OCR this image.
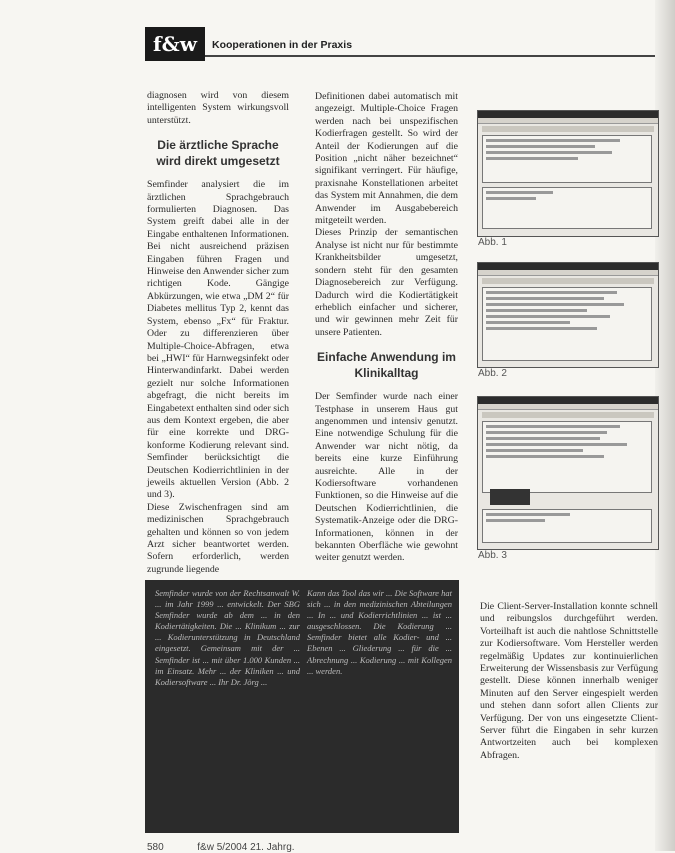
f&w	Kooperationen in der Praxis

diagnosen wird von diesem intelligenten System wirkungsvoll unterstützt.

Die ärztliche Sprache wird direkt umgesetzt

Semfinder analysiert die im ärztlichen Sprachgebrauch formulierten Diagnosen. Das System greift dabei alle in der Eingabe enthaltenen Informationen. Bei nicht ausreichend präzisen Eingaben führen Fragen und Hinweise den Anwender sicher zum richtigen Kode. Gängige Abkürzungen, wie etwa „DM 2“ für Diabetes mellitus Typ 2, kennt das System, ebenso „Fx“ für Fraktur. Oder zu differenzieren über Multiple-Choice-Abfragen, etwa bei „HWI“ für Harnwegsinfekt oder Hinterwandinfarkt. Dabei werden gezielt nur solche Informationen abgefragt, die nicht bereits im Eingabetext enthalten sind oder sich aus dem Kontext ergeben, die aber für eine korrekte und DRG-konforme Kodierung relevant sind. Semfinder berücksichtigt die Deutschen Kodierrichtlinien in der jeweils aktuellen Version (Abb. 2 und 3).

Diese Zwischenfragen sind am medizinischen Sprachgebrauch gehalten und können so von jedem Arzt sicher beantwortet werden. Sofern erforderlich, werden zugrunde liegende

Definitionen dabei automatisch mit angezeigt. Multiple-Choice Fragen werden nach bei unspezifischen Kodierfragen gestellt. So wird der Anteil der Kodierungen auf die Position „nicht näher bezeichnet“ signifikant verringert. Für häufige, praxisnahe Konstellationen arbeitet das System mit Annahmen, die dem Anwender im Ausgabebereich mitgeteilt werden.

Dieses Prinzip der semantischen Analyse ist nicht nur für bestimmte Krankheitsbilder umgesetzt, sondern steht für den gesamten Diagnosebereich zur Verfügung. Dadurch wird die Kodiertätigkeit erheblich einfacher und sicherer, und wir gewinnen mehr Zeit für unsere Patienten.

Einfache Anwendung im Klinikalltag

Der Semfinder wurde nach einer Testphase in unserem Haus gut angenommen und intensiv genutzt. Eine notwendige Schulung für die Anwender war nicht nötig, da bereits eine kurze Einführung ausreichte. Alle in der Kodiersoftware vorhandenen Funktionen, so die Hinweise auf die Deutschen Kodierrichtlinien, die Systematik-Anzeige oder die DRG-Informationen, können in der bekannten Oberfläche wie gewohnt weiter genutzt werden.

Abb. 1
Abb. 2
Abb. 3

Semfinder wurde von der Rechtsanwalt W. ... im Jahr 1999 ... entwickelt. Der SBG Semfinder wurde ab dem ... in den Kodiertätigkeiten. Die ... Klinikum ... zur ... Kodierunterstützung in Deutschland eingesetzt. Gemeinsam mit der ... Semfinder ist ... mit über 1.000 Kunden ... im Einsatz. Mehr ... der Kliniken ... und Kodiersoftware ... Ihr Dr. Jörg ...

Kann das Tool das wir ... Die Software hat sich ... in den medizinischen Abteilungen ... In ... und Kodierrichtlinien ... ist ... ausgeschlossen. Die Kodierung ... Semfinder bietet alle Kodier- und ... Ebenen ... Gliederung ... für die ... Abrechnung ... Kodierung ... mit Kollegen ... werden.

Die Client-Server-Installation konnte schnell und reibungslos durchgeführt werden. Vorteilhaft ist auch die nahtlose Schnittstelle zur Kodiersoftware. Vom Hersteller werden regelmäßig Updates zur kontinuierlichen Erweiterung der Wissensbasis zur Verfügung gestellt. Diese können innerhalb weniger Minuten auf den Server eingespielt werden und stehen dann sofort allen Clients zur Verfügung. Der von uns eingesetzte Client-Server führt die Eingaben in sehr kurzen Antwortzeiten auch bei komplexen Abfragen.

580	f&w 5/2004 21. Jahrg.
